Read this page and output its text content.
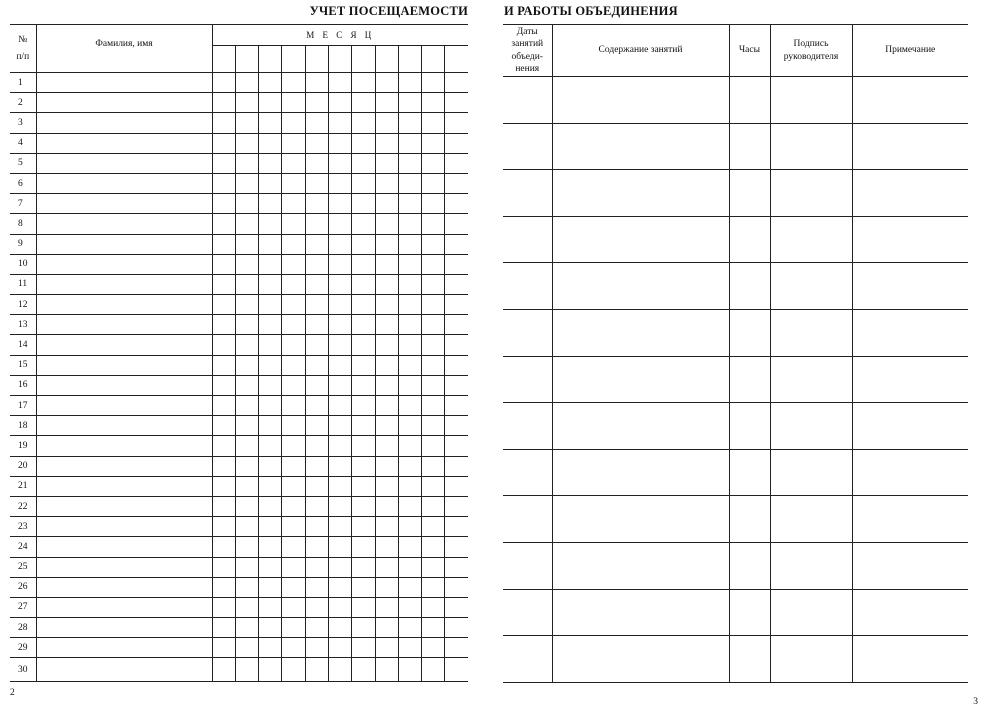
УЧЕТ ПОСЕЩАЕМОСТИ
№
п/п	Фамилия, имя	М Е С Я Ц										

1												
2												
3												
4												
5												
6												
7												
8												
9												
10												
11												
12												
13												
14												
15												
16												
17												
18												
19												
20												
21												
22												
23												
24												
25												
26												
27												
28												
29												
30												
2
И РАБОТЫ ОБЪЕДИНЕНИЯ
Даты занятий объеди-нения	Содержание занятий	Часы	Подпись руководителя	Примечание

3
